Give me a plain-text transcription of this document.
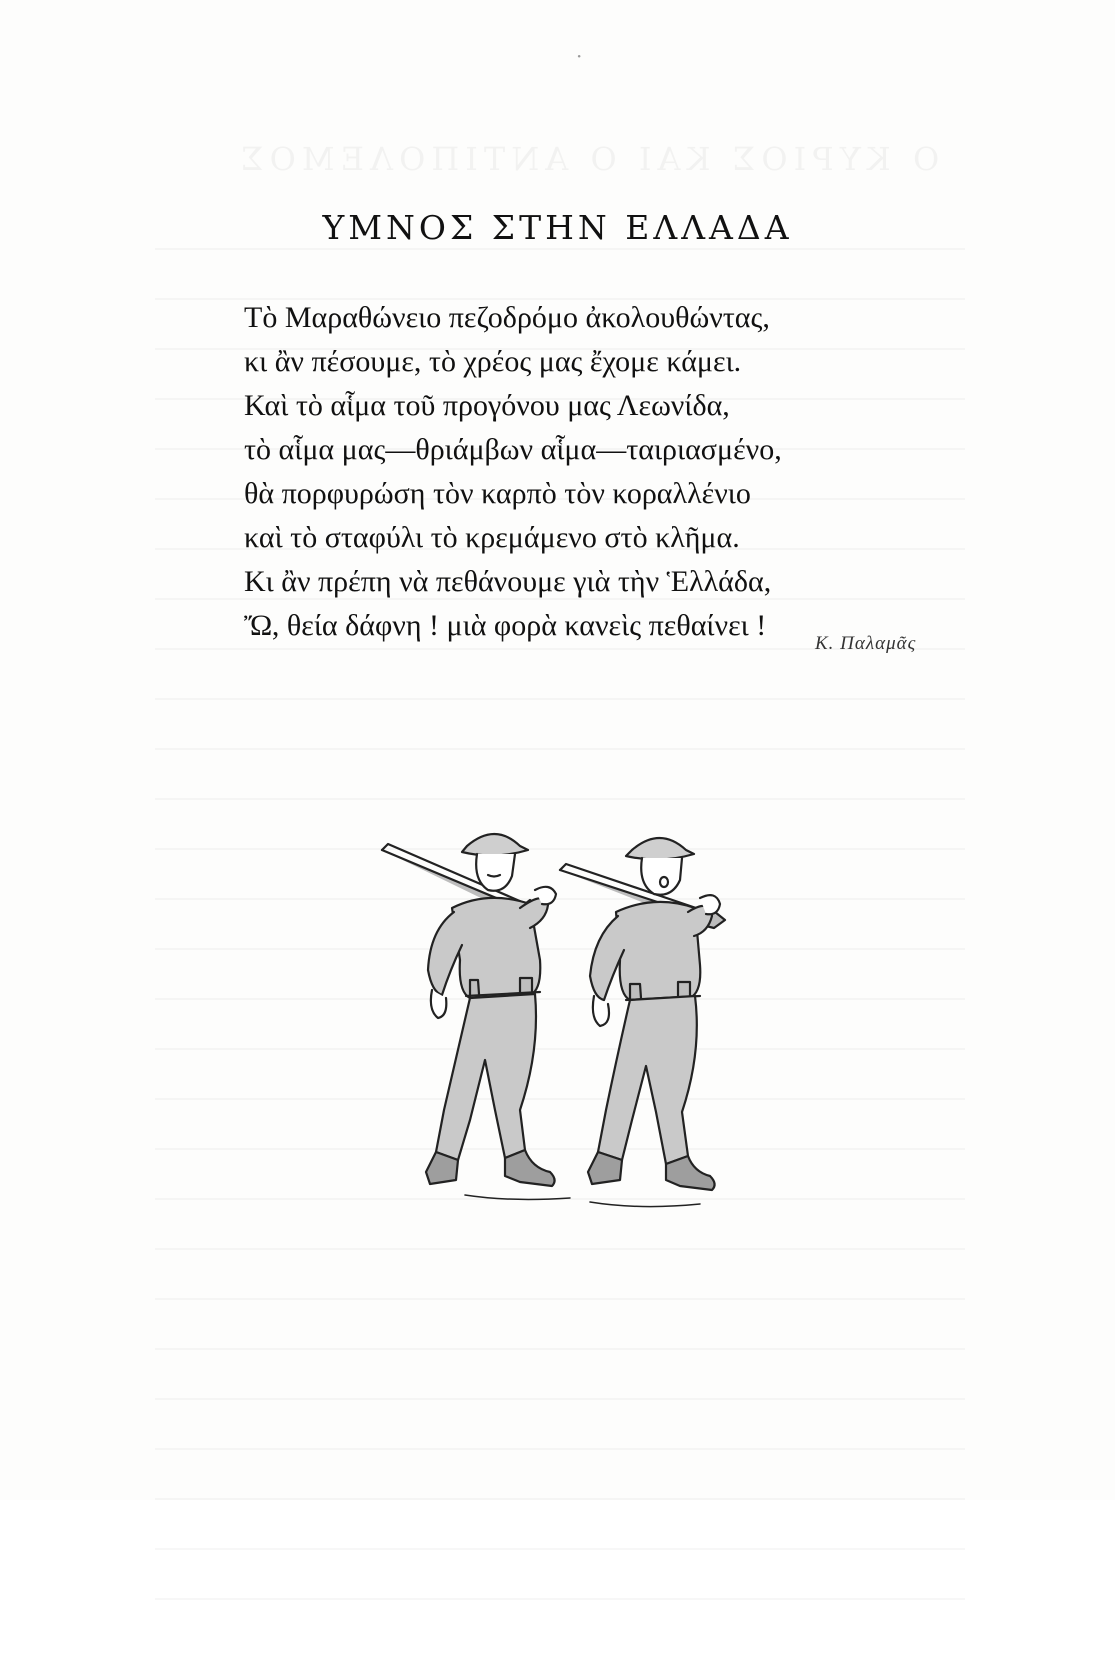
·
ΥΜΝΟΣ ΣΤΗΝ ΕΛΛΑΔΑ
Τὸ Μαραθώνειο πεζοδρόμο ἀκολουθώντας,
κι ἂν πέσουμε, τὸ χρέος μας ἔχομε κάμει.
Καὶ τὸ αἷμα τοῦ προγόνου μας Λεωνίδα,
τὸ αἷμα μας—θριάμβων αἷμα—ταιριασμένο,
θὰ πορφυρώση τὸν καρπὸ τὸν κοραλλένιο
καὶ τὸ σταφύλι τὸ κρεμάμενο στὸ κλῆμα.
Κι ἂν πρέπη νὰ πεθάνουμε γιὰ τὴν Ἑλλάδα,
Ὤ, θεία δάφνη ! μιὰ φορὰ κανεὶς πεθαίνει !
Κ. Παλαμᾶς
